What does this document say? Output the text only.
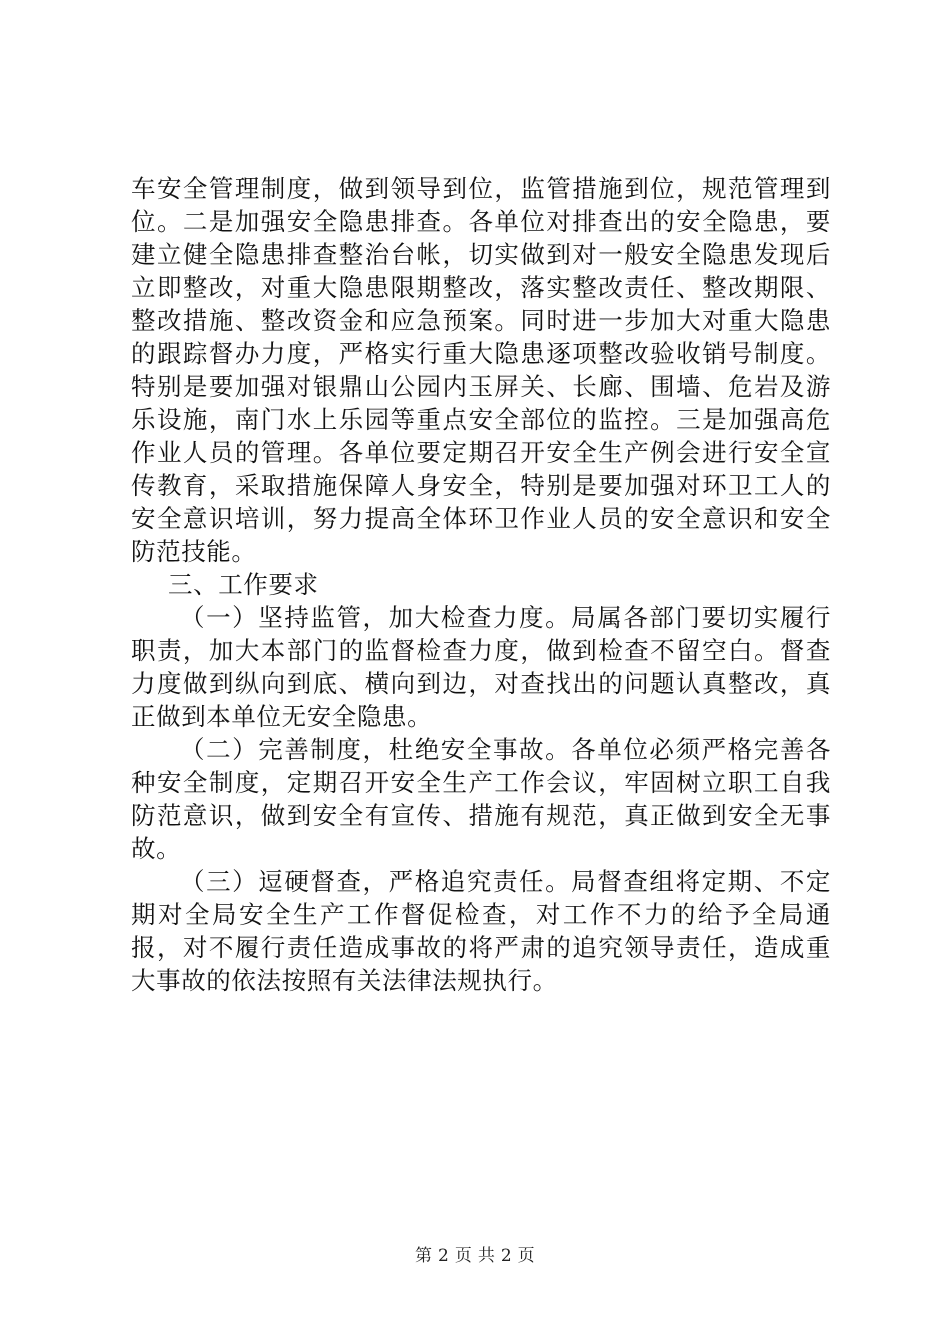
车安全管理制度，做到领导到位，监管措施到位，规范管理到位。二是加强安全隐患排查。各单位对排查出的安全隐患，要建立健全隐患排查整治台帐，切实做到对一般安全隐患发现后立即整改，对重大隐患限期整改，落实整改责任、整改期限、整改措施、整改资金和应急预案。同时进一步加大对重大隐患的跟踪督办力度，严格实行重大隐患逐项整改验收销号制度。特别是要加强对银鼎山公园内玉屏关、长廊、围墙、危岩及游乐设施，南门水上乐园等重点安全部位的监控。三是加强高危作业人员的管理。各单位要定期召开安全生产例会进行安全宣传教育，采取措施保障人身安全，特别是要加强对环卫工人的安全意识培训，努力提高全体环卫作业人员的安全意识和安全防范技能。

三、工作要求

（一）坚持监管，加大检查力度。局属各部门要切实履行职责，加大本部门的监督检查力度，做到检查不留空白。督查力度做到纵向到底、横向到边，对查找出的问题认真整改，真正做到本单位无安全隐患。

（二）完善制度，杜绝安全事故。各单位必须严格完善各种安全制度，定期召开安全生产工作会议，牢固树立职工自我防范意识，做到安全有宣传、措施有规范，真正做到安全无事故。

（三）逗硬督查，严格追究责任。局督查组将定期、不定期对全局安全生产工作督促检查，对工作不力的给予全局通报，对不履行责任造成事故的将严肃的追究领导责任，造成重大事故的依法按照有关法律法规执行。

第 2 页 共 2 页
